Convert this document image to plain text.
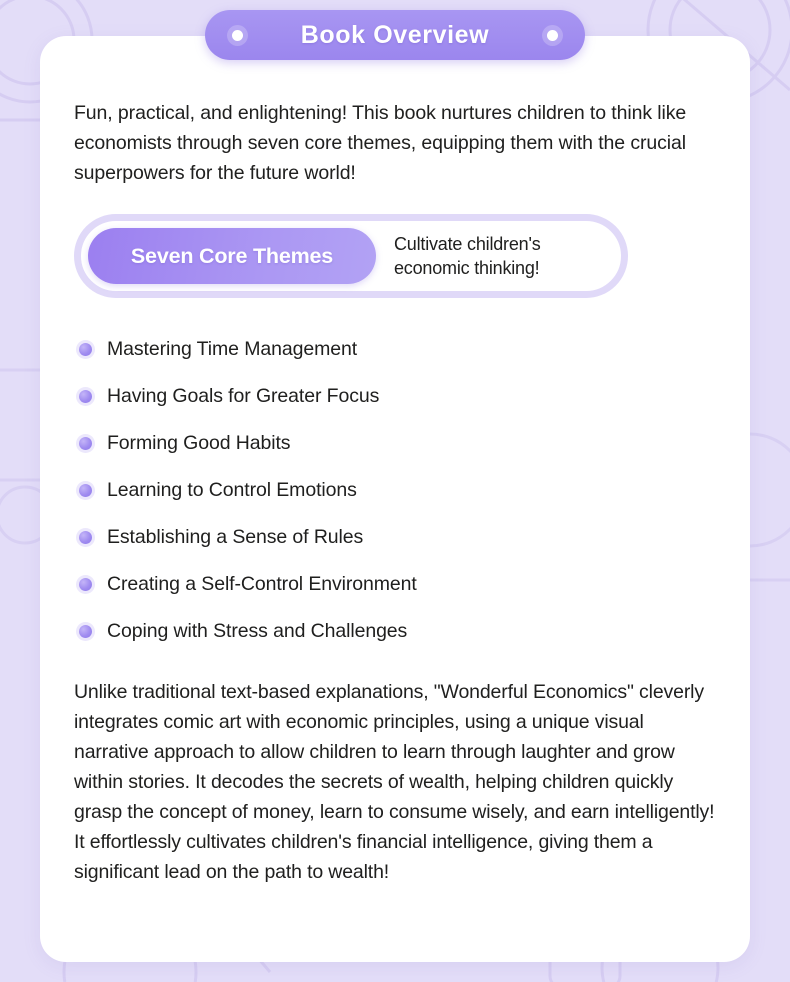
Book Overview

Fun, practical, and enlightening! This book nurtures children to think like economists through seven core themes, equipping them with the crucial superpowers for the future world!

Seven Core Themes	Cultivate children's
economic thinking!
Mastering Time Management
Having Goals for Greater Focus
Forming Good Habits
Learning to Control Emotions
Establishing a Sense of Rules
Creating a Self-Control Environment
Coping with Stress and Challenges

Unlike traditional text-based explanations, "Wonderful Economics" cleverly integrates comic art with economic principles, using a unique visual narrative approach to allow children to learn through laughter and grow within stories. It decodes the secrets of wealth, helping children quickly grasp the concept of money, learn to consume wisely, and earn intelligently! It effortlessly cultivates children's financial intelligence, giving them a significant lead on the path to wealth!
